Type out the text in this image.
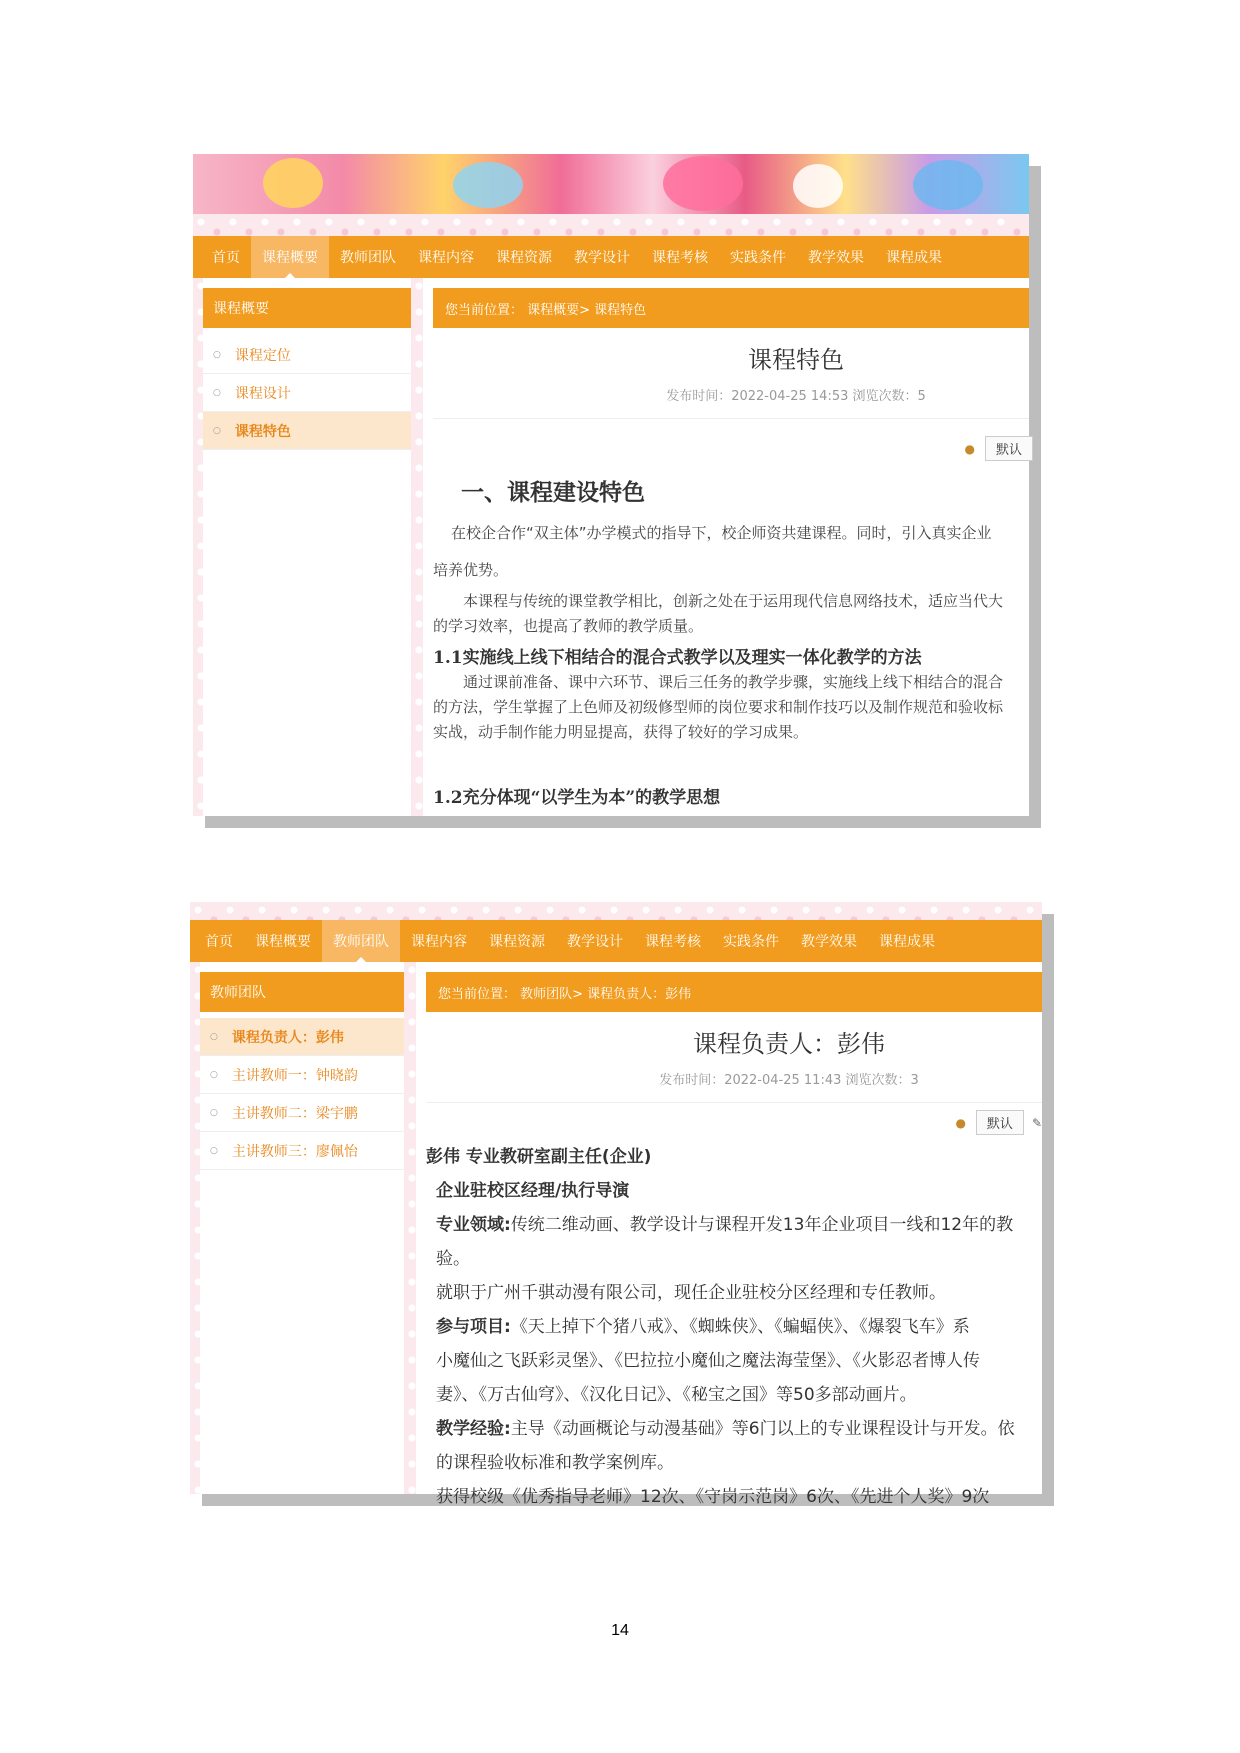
首页	课程概要	教师团队	课程内容	课程资源	教学设计	课程考核	实践条件	教学效果	课程成果
课程概要
○ 课程定位
○ 课程设计
○ 课程特色
您当前位置： 课程概要> 课程特色
课程特色
发布时间：2022-04-25 14:53 浏览次数：5
●	默认
一、课程建设特色
在校企合作“双主体”办学模式的指导下，校企师资共建课程。同时，引入真实企业
培养优势。
本课程与传统的课堂教学相比，创新之处在于运用现代信息网络技术，适应当代大
的学习效率，也提高了教师的教学质量。
1.1实施线上线下相结合的混合式教学以及理实一体化教学的方法
通过课前准备、课中六环节、课后三任务的教学步骤，实施线上线下相结合的混合
的方法，学生掌握了上色师及初级修型师的岗位要求和制作技巧以及制作规范和验收标
实战，动手制作能力明显提高，获得了较好的学习成果。
1.2充分体现“以学生为本”的教学思想
首页	课程概要	教师团队	课程内容	课程资源	教学设计	课程考核	实践条件	教学效果	课程成果
教师团队
○ 课程负责人：彭伟
○ 主讲教师一：钟晓韵
○ 主讲教师二：梁宇鹏
○ 主讲教师三：廖佩怡
您当前位置： 教师团队> 课程负责人：彭伟
课程负责人：彭伟
发布时间：2022-04-25 11:43 浏览次数：3
●	默认	✎
彭伟 专业教研室副主任(企业)
企业驻校区经理/执行导演
专业领域:传统二维动画、教学设计与课程开发13年企业项目一线和12年的教
验。
就职于广州千骐动漫有限公司，现任企业驻校分区经理和专任教师。
参与项目:《天上掉下个猪八戒》、《蜘蛛侠》、《蝙蝠侠》、《爆裂飞车》系
小魔仙之飞跃彩灵堡》、《巴拉拉小魔仙之魔法海莹堡》、《火影忍者博人传
妻》、《万古仙穹》、《汉化日记》、《秘宝之国》等50多部动画片。
教学经验:主导《动画概论与动漫基础》等6门以上的专业课程设计与开发。依
的课程验收标准和教学案例库。
获得校级《优秀指导老师》12次、《守岗示范岗》6次、《先进个人奖》9次
14
